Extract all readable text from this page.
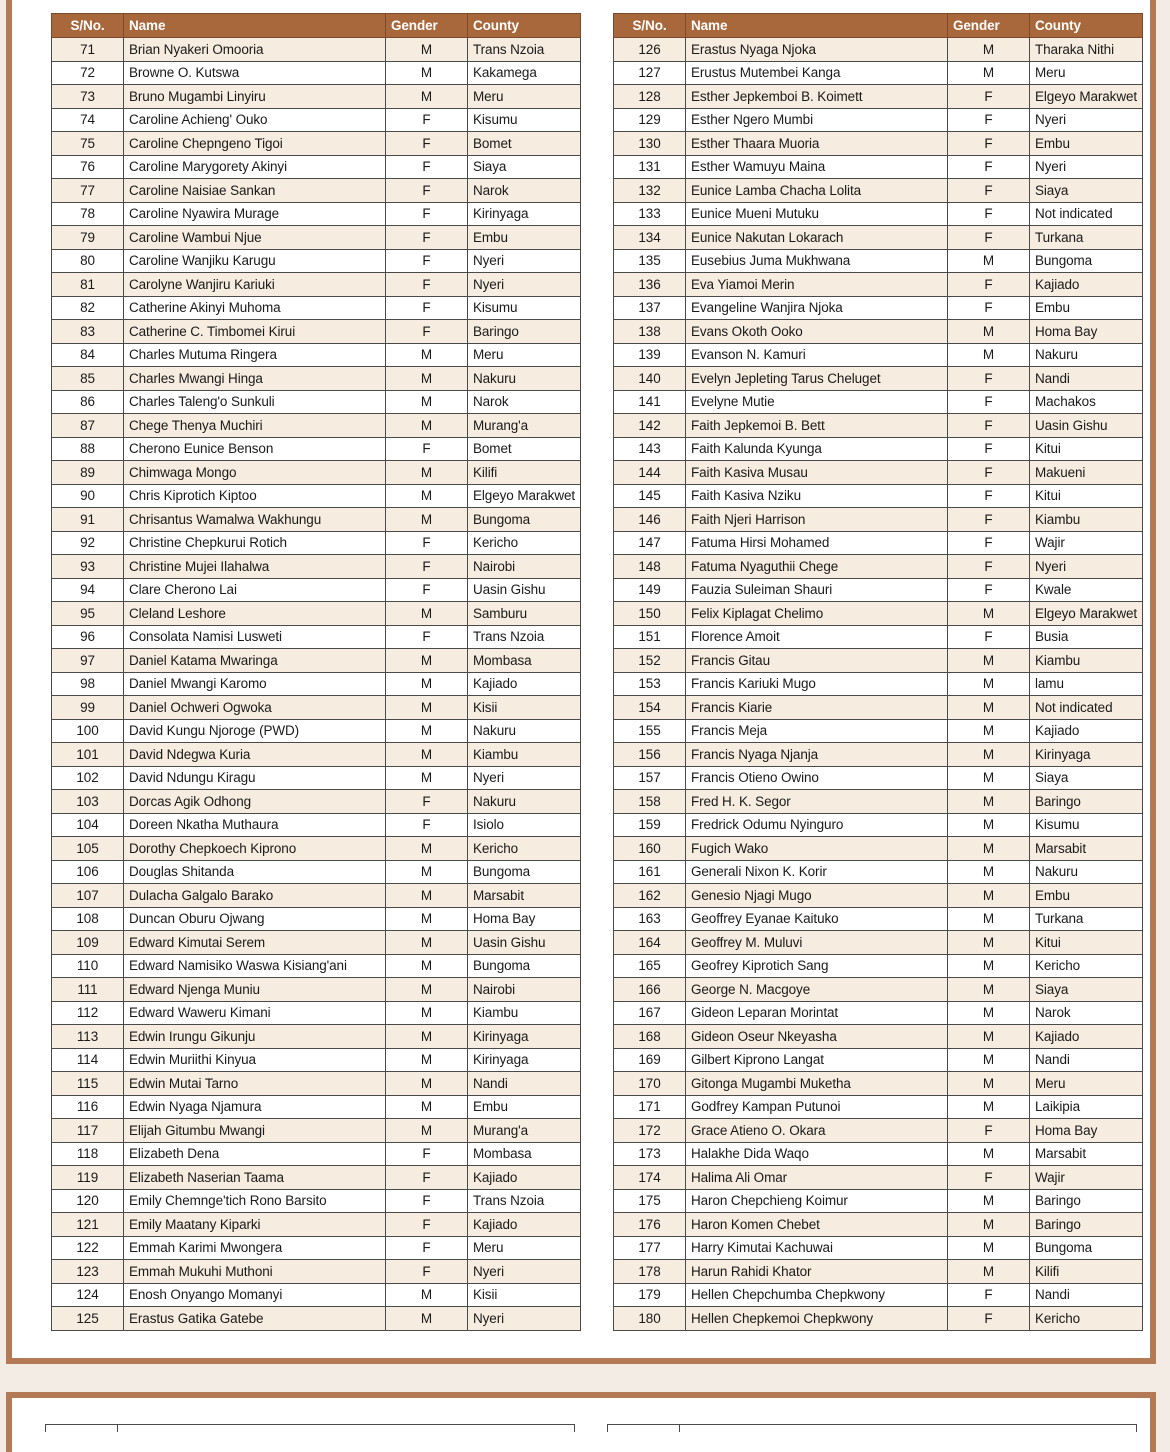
S/No.	Name	Gender	County
71	Brian Nyakeri Omooria	M	Trans Nzoia
72	Browne O. Kutswa	M	Kakamega
73	Bruno Mugambi Linyiru	M	Meru
74	Caroline Achieng' Ouko	F	Kisumu
75	Caroline Chepngeno Tigoi	F	Bomet
76	Caroline Marygorety Akinyi	F	Siaya
77	Caroline Naisiae Sankan	F	Narok
78	Caroline Nyawira Murage	F	Kirinyaga
79	Caroline Wambui Njue	F	Embu
80	Caroline Wanjiku Karugu	F	Nyeri
81	Carolyne Wanjiru Kariuki	F	Nyeri
82	Catherine Akinyi Muhoma	F	Kisumu
83	Catherine C. Timbomei Kirui	F	Baringo
84	Charles Mutuma Ringera	M	Meru
85	Charles Mwangi Hinga	M	Nakuru
86	Charles Taleng'o Sunkuli	M	Narok
87	Chege Thenya Muchiri	M	Murang'a
88	Cherono Eunice Benson	F	Bomet
89	Chimwaga Mongo	M	Kilifi
90	Chris Kiprotich Kiptoo	M	Elgeyo Marakwet
91	Chrisantus Wamalwa Wakhungu	M	Bungoma
92	Christine Chepkurui Rotich	F	Kericho
93	Christine Mujei Ilahalwa	F	Nairobi
94	Clare Cherono Lai	F	Uasin Gishu
95	Cleland Leshore	M	Samburu
96	Consolata Namisi Lusweti	F	Trans Nzoia
97	Daniel Katama Mwaringa	M	Mombasa
98	Daniel Mwangi Karomo	M	Kajiado
99	Daniel Ochweri Ogwoka	M	Kisii
100	David Kungu Njoroge (PWD)	M	Nakuru
101	David Ndegwa Kuria	M	Kiambu
102	David Ndungu Kiragu	M	Nyeri
103	Dorcas Agik Odhong	F	Nakuru
104	Doreen Nkatha Muthaura	F	Isiolo
105	Dorothy Chepkoech Kiprono	M	Kericho
106	Douglas Shitanda	M	Bungoma
107	Dulacha Galgalo Barako	M	Marsabit
108	Duncan Oburu Ojwang	M	Homa Bay
109	Edward Kimutai Serem	M	Uasin Gishu
110	Edward Namisiko Waswa Kisiang'ani	M	Bungoma
111	Edward Njenga Muniu	M	Nairobi
112	Edward Waweru Kimani	M	Kiambu
113	Edwin Irungu Gikunju	M	Kirinyaga
114	Edwin Muriithi Kinyua	M	Kirinyaga
115	Edwin Mutai Tarno	M	Nandi
116	Edwin Nyaga Njamura	M	Embu
117	Elijah Gitumbu Mwangi	M	Murang'a
118	Elizabeth Dena	F	Mombasa
119	Elizabeth Naserian Taama	F	Kajiado
120	Emily Chemnge'tich Rono Barsito	F	Trans Nzoia
121	Emily Maatany Kiparki	F	Kajiado
122	Emmah Karimi Mwongera	F	Meru
123	Emmah Mukuhi Muthoni	F	Nyeri
124	Enosh Onyango Momanyi	M	Kisii
125	Erastus Gatika Gatebe	M	Nyeri
S/No.	Name	Gender	County
126	Erastus Nyaga Njoka	M	Tharaka Nithi
127	Erustus Mutembei Kanga	M	Meru
128	Esther Jepkemboi B. Koimett	F	Elgeyo Marakwet
129	Esther Ngero Mumbi	F	Nyeri
130	Esther Thaara Muoria	F	Embu
131	Esther Wamuyu Maina	F	Nyeri
132	Eunice Lamba Chacha Lolita	F	Siaya
133	Eunice Mueni Mutuku	F	Not indicated
134	Eunice Nakutan Lokarach	F	Turkana
135	Eusebius Juma Mukhwana	M	Bungoma
136	Eva Yiamoi Merin	F	Kajiado
137	Evangeline Wanjira Njoka	F	Embu
138	Evans Okoth Ooko	M	Homa Bay
139	Evanson N. Kamuri	M	Nakuru
140	Evelyn Jepleting Tarus Cheluget	F	Nandi
141	Evelyne Mutie	F	Machakos
142	Faith Jepkemoi B. Bett	F	Uasin Gishu
143	Faith Kalunda Kyunga	F	Kitui
144	Faith Kasiva Musau	F	Makueni
145	Faith Kasiva Nziku	F	Kitui
146	Faith Njeri Harrison	F	Kiambu
147	Fatuma Hirsi Mohamed	F	Wajir
148	Fatuma Nyaguthii Chege	F	Nyeri
149	Fauzia Suleiman Shauri	F	Kwale
150	Felix Kiplagat Chelimo	M	Elgeyo Marakwet
151	Florence Amoit	F	Busia
152	Francis Gitau	M	Kiambu
153	Francis Kariuki Mugo	M	lamu
154	Francis Kiarie	M	Not indicated
155	Francis Meja	M	Kajiado
156	Francis Nyaga Njanja	M	Kirinyaga
157	Francis Otieno Owino	M	Siaya
158	Fred H. K. Segor	M	Baringo
159	Fredrick Odumu Nyinguro	M	Kisumu
160	Fugich Wako	M	Marsabit
161	Generali Nixon K. Korir	M	Nakuru
162	Genesio Njagi Mugo	M	Embu
163	Geoffrey Eyanae Kaituko	M	Turkana
164	Geoffrey M. Muluvi	M	Kitui
165	Geofrey Kiprotich Sang	M	Kericho
166	George N. Macgoye	M	Siaya
167	Gideon Leparan Morintat	M	Narok
168	Gideon Oseur Nkeyasha	M	Kajiado
169	Gilbert Kiprono Langat	M	Nandi
170	Gitonga Mugambi Muketha	M	Meru
171	Godfrey Kampan Putunoi	M	Laikipia
172	Grace Atieno O. Okara	F	Homa Bay
173	Halakhe Dida Waqo	M	Marsabit
174	Halima Ali Omar	F	Wajir
175	Haron Chepchieng Koimur	M	Baringo
176	Haron Komen Chebet	M	Baringo
177	Harry Kimutai Kachuwai	M	Bungoma
178	Harun Rahidi Khator	M	Kilifi
179	Hellen Chepchumba Chepkwony	F	Nandi
180	Hellen Chepkemoi Chepkwony	F	Kericho
